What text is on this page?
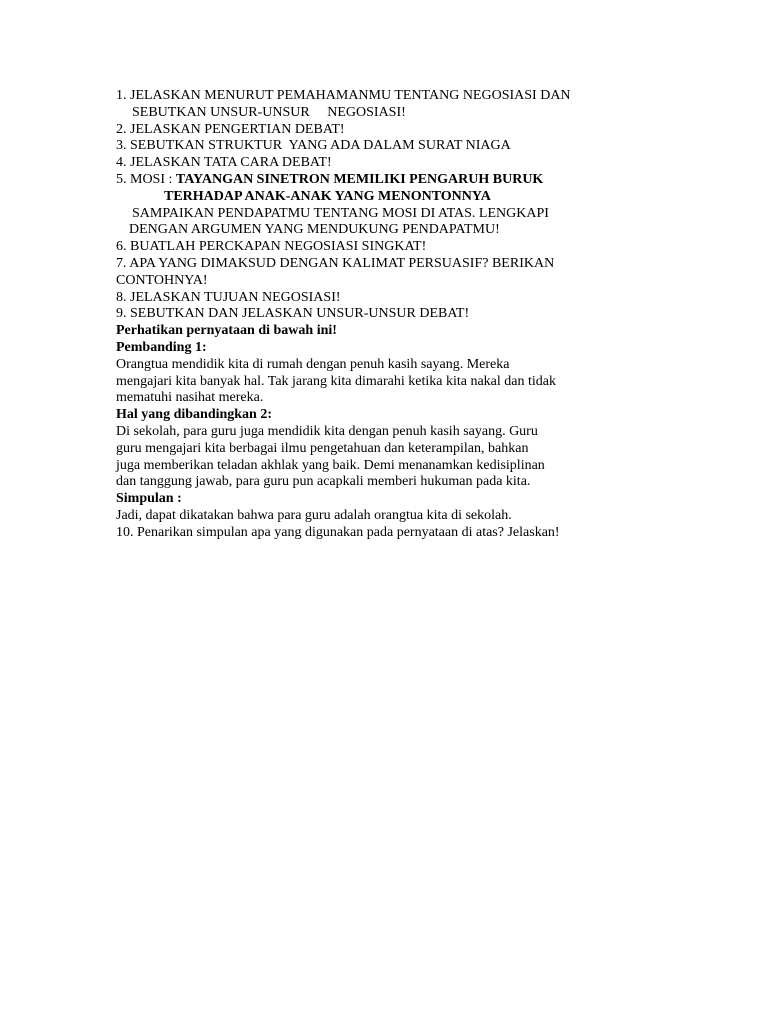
1. JELASKAN MENURUT PEMAHAMANMU TENTANG NEGOSIASI DAN
SEBUTKAN UNSUR-UNSUR     NEGOSIASI!
2. JELASKAN PENGERTIAN DEBAT!
3. SEBUTKAN STRUKTUR  YANG ADA DALAM SURAT NIAGA
4. JELASKAN TATA CARA DEBAT!
5. MOSI : TAYANGAN SINETRON MEMILIKI PENGARUH BURUK
TERHADAP ANAK-ANAK YANG MENONTONNYA
SAMPAIKAN PENDAPATMU TENTANG MOSI DI ATAS. LENGKAPI
DENGAN ARGUMEN YANG MENDUKUNG PENDAPATMU!
6. BUATLAH PERCKAPAN NEGOSIASI SINGKAT!
7. APA YANG DIMAKSUD DENGAN KALIMAT PERSUASIF? BERIKAN
CONTOHNYA!
8. JELASKAN TUJUAN NEGOSIASI!
9. SEBUTKAN DAN JELASKAN UNSUR-UNSUR DEBAT!
Perhatikan pernyataan di bawah ini!
Pembanding 1:
Orangtua mendidik kita di rumah dengan penuh kasih sayang. Mereka
mengajari kita banyak hal. Tak jarang kita dimarahi ketika kita nakal dan tidak
mematuhi nasihat mereka.
Hal yang dibandingkan 2:
Di sekolah, para guru juga mendidik kita dengan penuh kasih sayang. Guru
guru mengajari kita berbagai ilmu pengetahuan dan keterampilan, bahkan
juga memberikan teladan akhlak yang baik. Demi menanamkan kedisiplinan
dan tanggung jawab, para guru pun acapkali memberi hukuman pada kita.
Simpulan :
Jadi, dapat dikatakan bahwa para guru adalah orangtua kita di sekolah.
10. Penarikan simpulan apa yang digunakan pada pernyataan di atas? Jelaskan!
